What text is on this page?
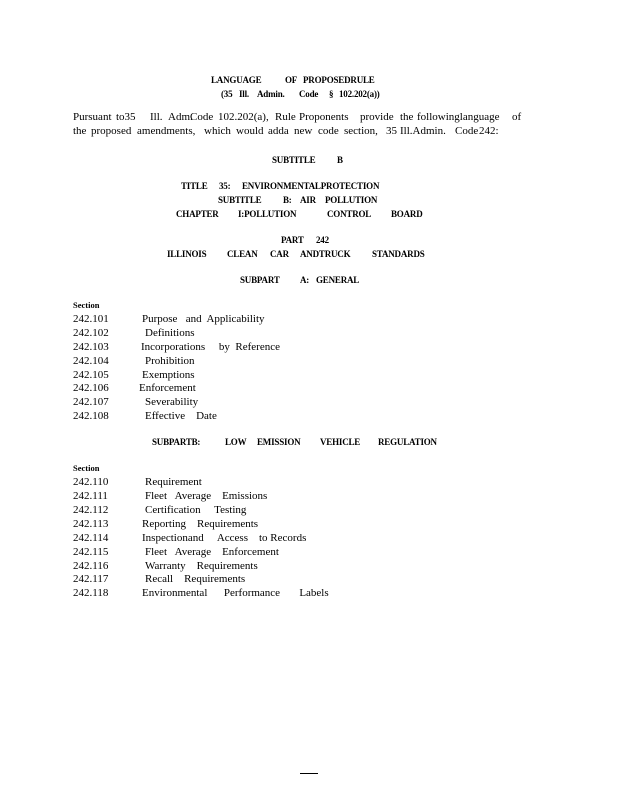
LANGUAGE	OF PROPOSEDRULE
(35 Ill. Admin. Code § 102.202(a))
Pursuant to35 Ill. Adm.
Code 102.202(a), Rule Proponents provide the followinglanguage of
the proposed amendments, which would adda new code section, 35 Ill.Admin. Code 242:
SUBTITLE B
TITLE 35: ENVIRONMENTALPROTECTION
SUBTITLE B: AIR POLLUTION
CHAPTER I:POLLUTION	CONTROL BOARD
PART 242
ILLINOIS CLEAN CAR ANDTRUCK STANDARDS
SUBPART A: GENERAL
Section
242.101	Purpose   and  Applicability
242.102	Definitions
242.103	Incorporations     by  Reference
242.104	Prohibition
242.105	Exemptions
242.106	Enforcement
242.107	Severability
242.108	Effective    Date
SUBPARTB:	LOW EMISSION VEHICLE REGULATION
Section
242.110	Requirement
242.111	Fleet   Average    Emissions
242.112	Certification     Testing
242.113	Reporting    Requirements
242.114	Inspectionand     Access    to Records
242.115	Fleet   Average    Enforcement
242.116	Warranty    Requirements
242.117	Recall    Requirements
242.118	Environmental      Performance       Labels
